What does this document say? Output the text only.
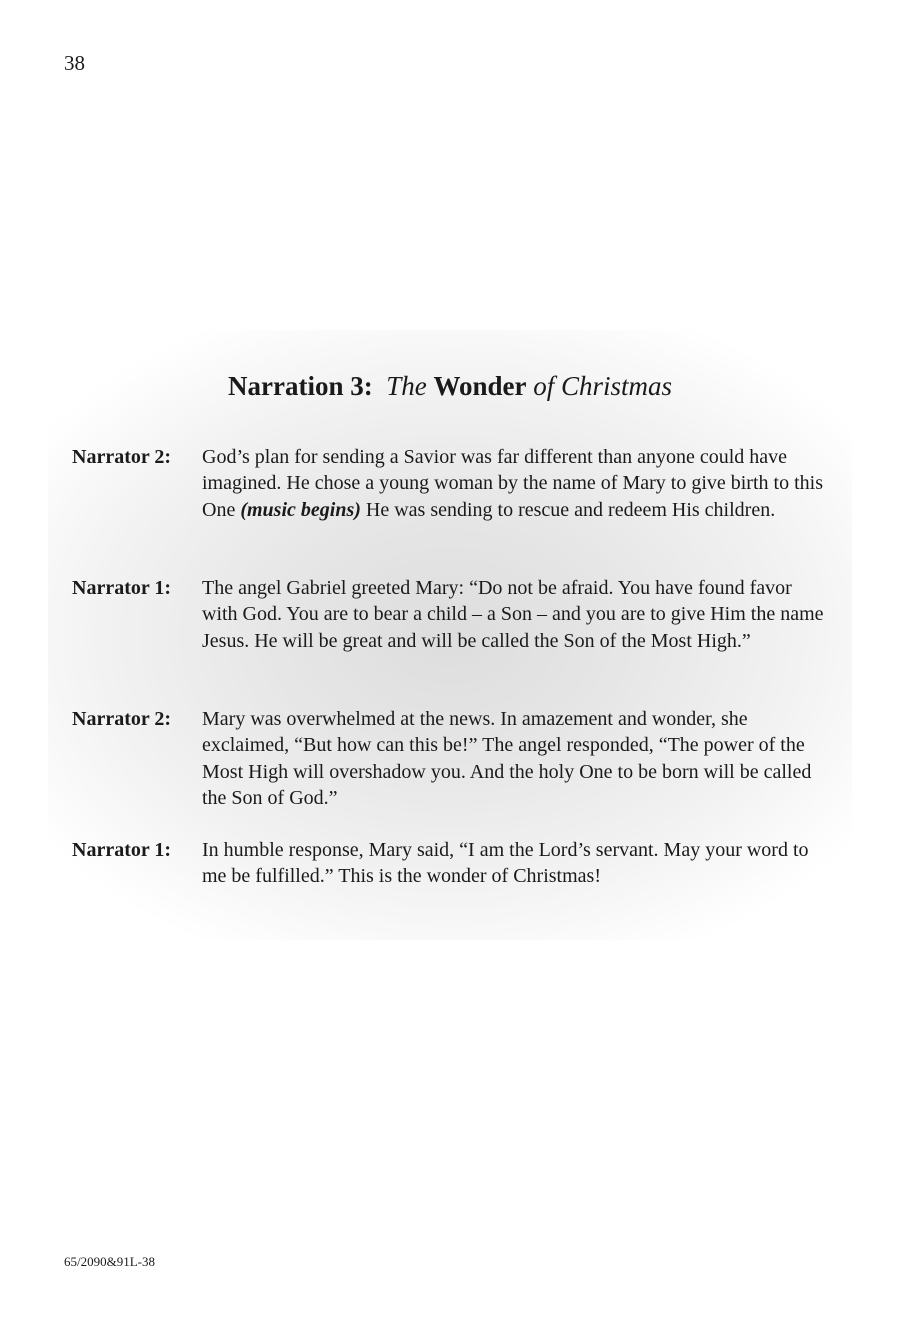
38
Narration 3: The Wonder of Christmas
Narrator 2: God’s plan for sending a Savior was far different than anyone could have imagined. He chose a young woman by the name of Mary to give birth to this One (music begins) He was sending to rescue and redeem His children.
Narrator 1: The angel Gabriel greeted Mary: “Do not be afraid. You have found favor with God. You are to bear a child – a Son – and you are to give Him the name Jesus. He will be great and will be called the Son of the Most High.”
Narrator 2: Mary was overwhelmed at the news. In amazement and wonder, she exclaimed, “But how can this be!” The angel responded, “The power of the Most High will overshadow you. And the holy One to be born will be called the Son of God.”
Narrator 1: In humble response, Mary said, “I am the Lord’s servant. May your word to me be fulfilled.” This is the wonder of Christmas!
65/2090&91L-38
